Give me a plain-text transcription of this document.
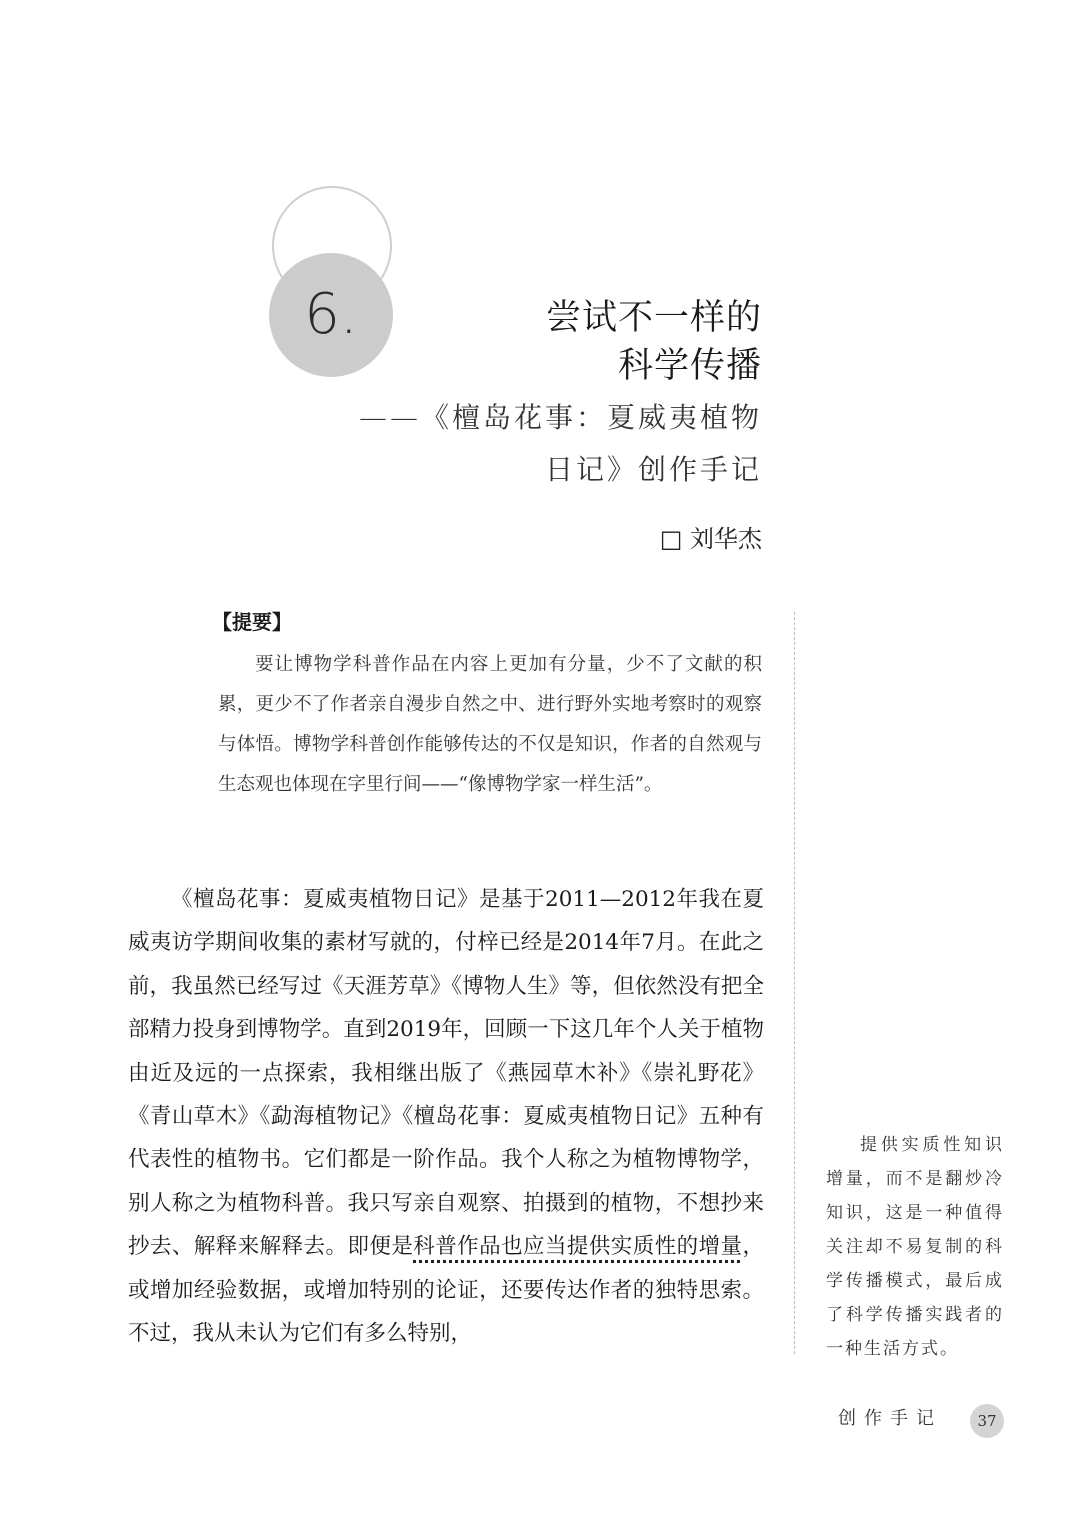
6.	尝试不一样的
科学传播
——《檀岛花事：夏威夷植物
日记》创作手记
□ 刘华杰
【提要】

要让博物学科普作品在内容上更加有分量，少不了文献的积累，更少不了作者亲自漫步自然之中、进行野外实地考察时的观察与体悟。博物学科普创作能够传达的不仅是知识，作者的自然观与生态观也体现在字里行间——“像博物学家一样生活”。

《檀岛花事：夏威夷植物日记》是基于2011—2012年我在夏威夷访学期间收集的素材写就的，付梓已经是2014年7月。在此之前，我虽然已经写过《天涯芳草》《博物人生》等，但依然没有把全部精力投身到博物学。直到2019年，回顾一下这几年个人关于植物由近及远的一点探索，我相继出版了《燕园草木补》《崇礼野花》《青山草木》《勐海植物记》《檀岛花事：夏威夷植物日记》五种有代表性的植物书。它们都是一阶作品。我个人称之为植物博物学，别人称之为植物科普。我只写亲自观察、拍摄到的植物，不想抄来抄去、解释来解释去。即便是科普作品也应当提供实质性的增量，或增加经验数据，或增加特别的论证，还要传达作者的独特思索。不过，我从未认为它们有多么特别，

提供实质性知识增量，而不是翻炒冷知识，这是一种值得关注却不易复制的科学传播模式，最后成了科学传播实践者的一种生活方式。

创作手记	37
